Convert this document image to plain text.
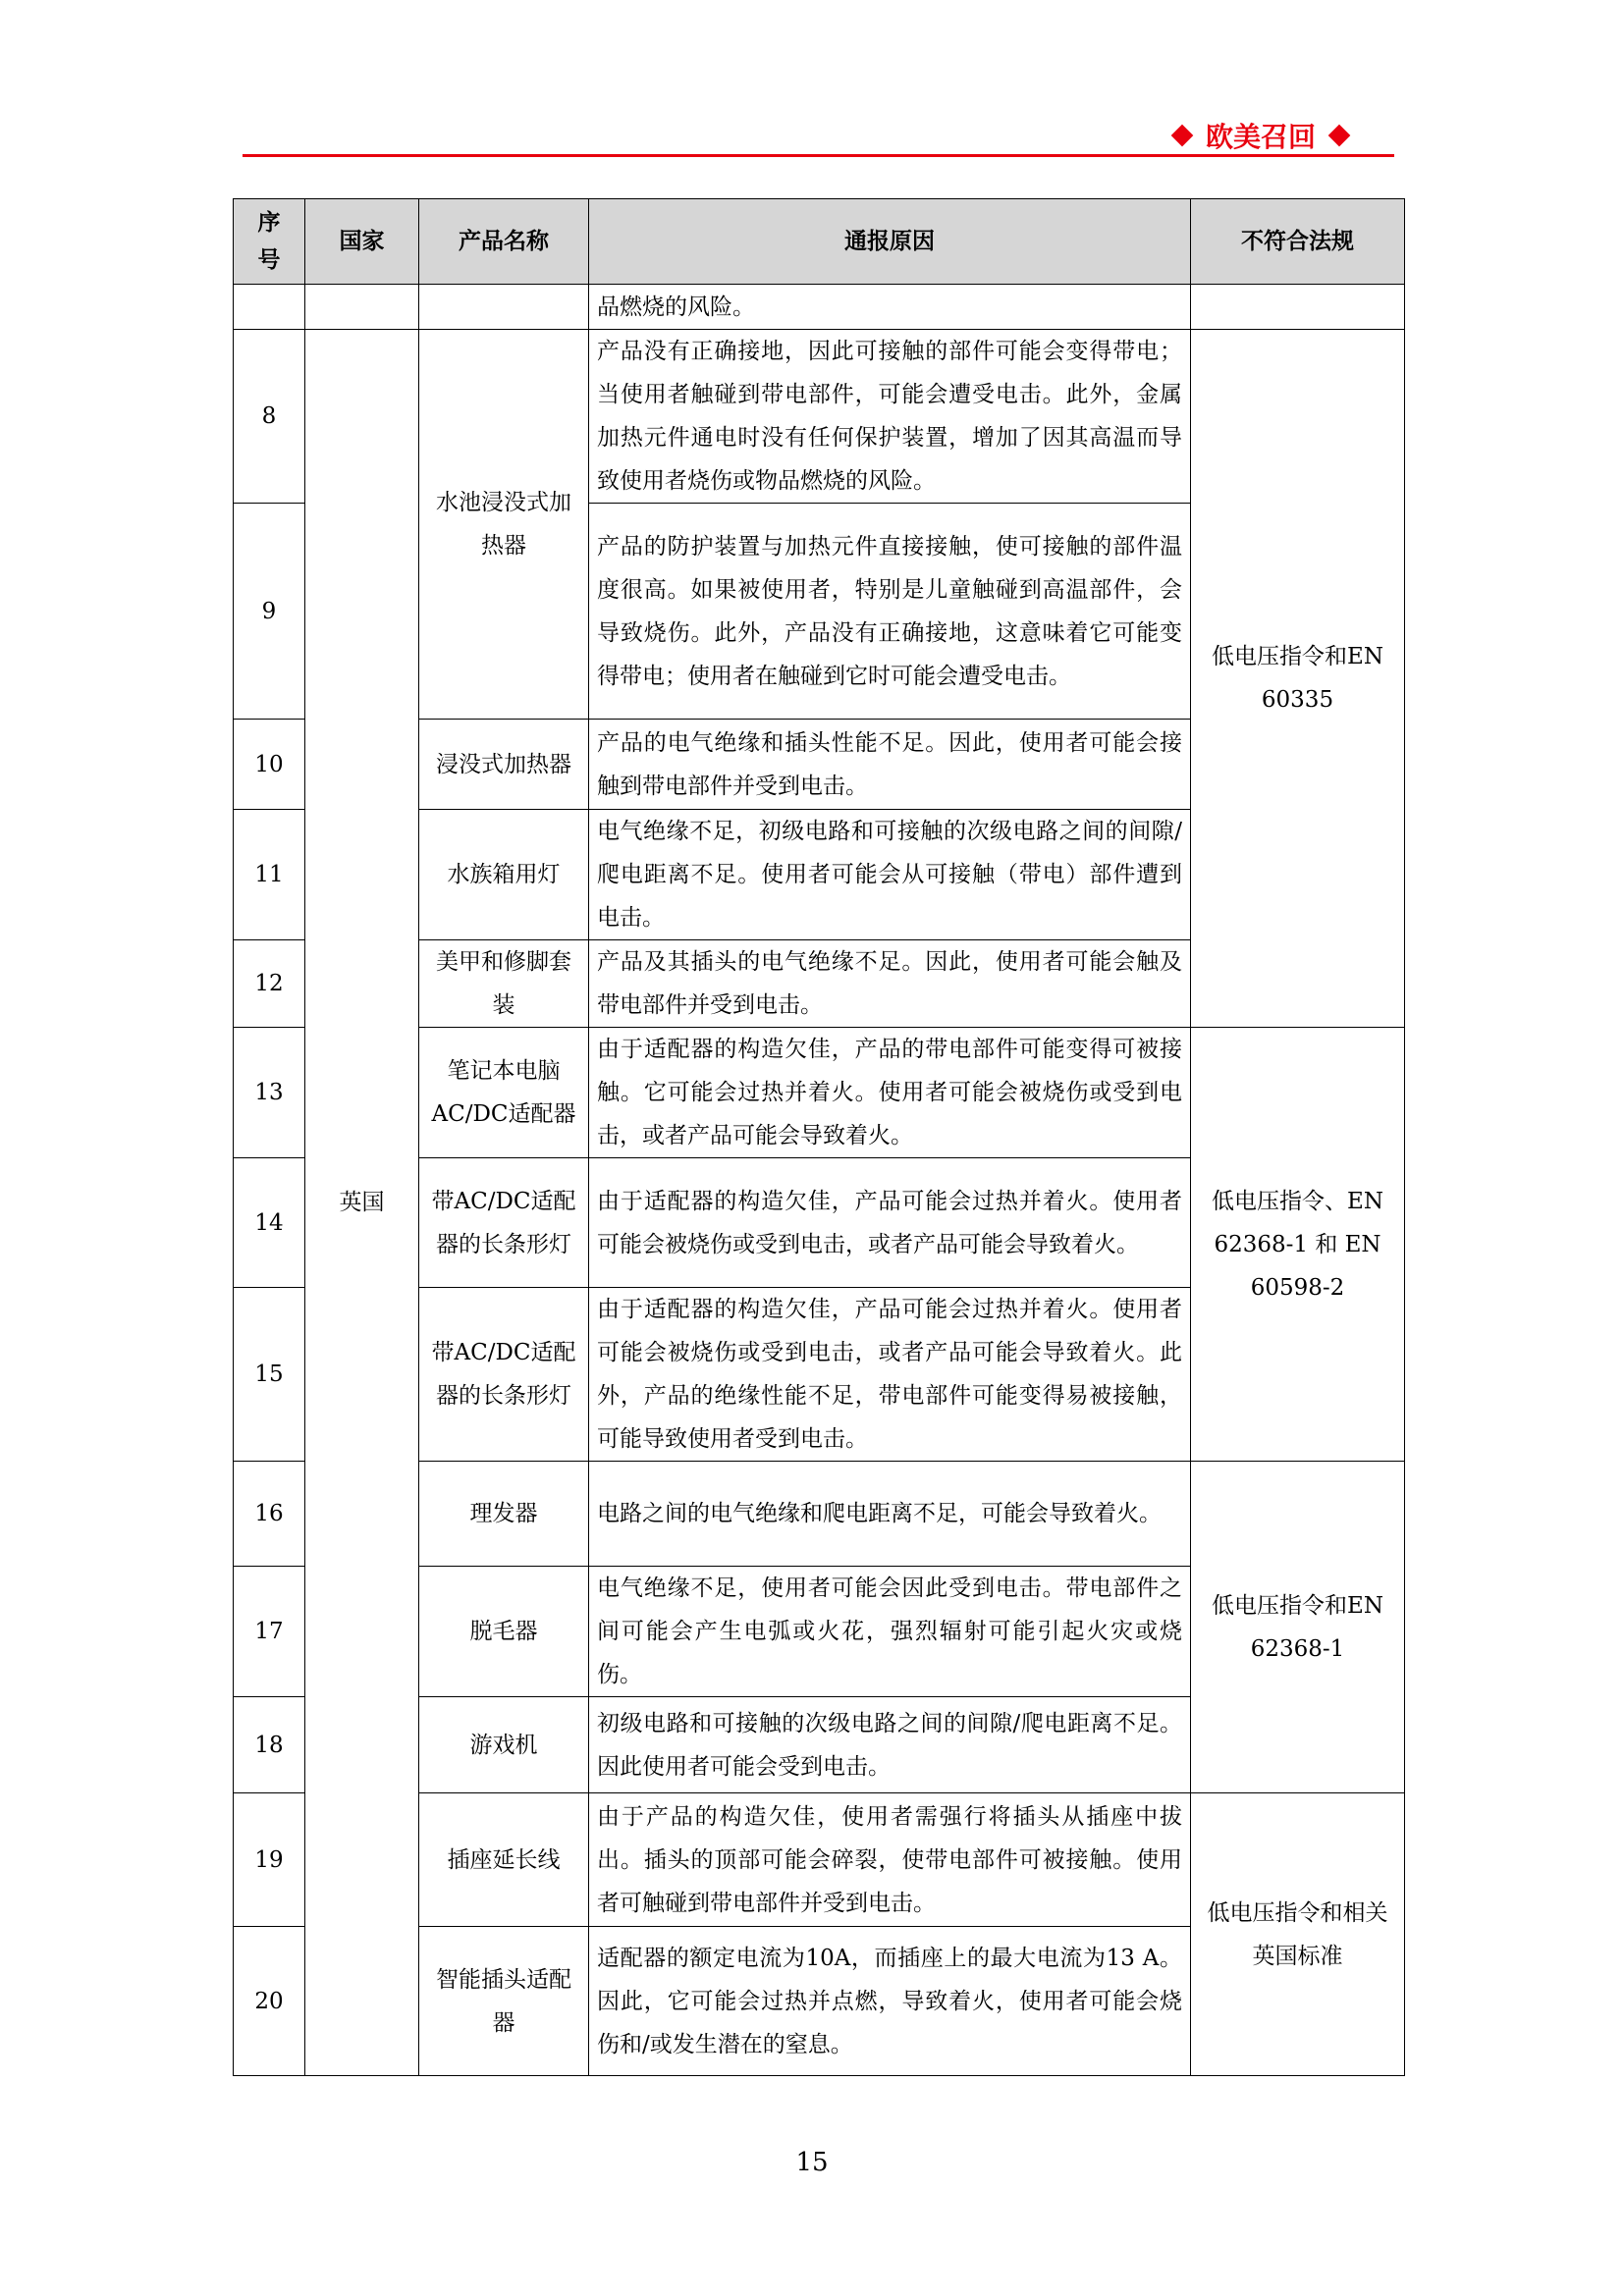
欧美召回
序号	国家	产品名称	通报原因	不符合法规
			品燃烧的风险。	
8	英国	水池浸没式加热器	产品没有正确接地，因此可接触的部件可能会变得带电；当使用者触碰到带电部件，可能会遭受电击。此外，金属加热元件通电时没有任何保护装置，增加了因其高温而导致使用者烧伤或物品燃烧的风险。	低电压指令和EN 60335
9			产品的防护装置与加热元件直接接触，使可接触的部件温度很高。如果被使用者，特别是儿童触碰到高温部件，会导致烧伤。此外，产品没有正确接地，这意味着它可能变得带电；使用者在触碰到它时可能会遭受电击。	
10		浸没式加热器	产品的电气绝缘和插头性能不足。因此，使用者可能会接触到带电部件并受到电击。	
11		水族箱用灯	电气绝缘不足，初级电路和可接触的次级电路之间的间隙/爬电距离不足。使用者可能会从可接触（带电）部件遭到电击。	
12		美甲和修脚套装	产品及其插头的电气绝缘不足。因此，使用者可能会触及带电部件并受到电击。	
13		笔记本电脑AC/DC适配器	由于适配器的构造欠佳，产品的带电部件可能变得可被接触。它可能会过热并着火。使用者可能会被烧伤或受到电击，或者产品可能会导致着火。	低电压指令、EN 62368-1 和 EN 60598-2
14		带AC/DC适配器的长条形灯	由于适配器的构造欠佳，产品可能会过热并着火。使用者可能会被烧伤或受到电击，或者产品可能会导致着火。	
15		带AC/DC适配器的长条形灯	由于适配器的构造欠佳，产品可能会过热并着火。使用者可能会被烧伤或受到电击，或者产品可能会导致着火。此外，产品的绝缘性能不足，带电部件可能变得易被接触，可能导致使用者受到电击。	
16		理发器	电路之间的电气绝缘和爬电距离不足，可能会导致着火。	低电压指令和EN 62368-1
17		脱毛器	电气绝缘不足，使用者可能会因此受到电击。带电部件之间可能会产生电弧或火花，强烈辐射可能引起火灾或烧伤。	
18		游戏机	初级电路和可接触的次级电路之间的间隙/爬电距离不足。因此使用者可能会受到电击。	
19		插座延长线	由于产品的构造欠佳，使用者需强行将插头从插座中拔出。插头的顶部可能会碎裂，使带电部件可被接触。使用者可触碰到带电部件并受到电击。	低电压指令和相关英国标准
20		智能插头适配器	适配器的额定电流为10A，而插座上的最大电流为13 A。因此，它可能会过热并点燃，导致着火，使用者可能会烧伤和/或发生潜在的窒息。	
15
